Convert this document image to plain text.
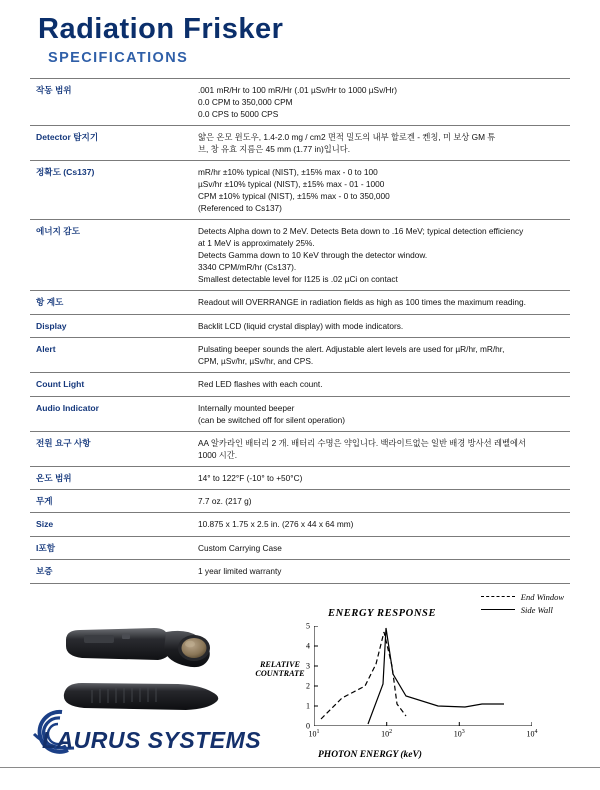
Radiation Frisker
SPECIFICATIONS
작동 범위	.001 mR/Hr to 100 mR/Hr (.01 µSv/Hr to 1000 µSv/Hr)
0.0 CPM to 350,000 CPM
0.0 CPS to 5000 CPS

Detector 탐지기	얇은 온모 윈도우, 1.4-2.0 mg / cm2 면적 밀도의 내부 할로겐 - 켄칭, 미 보상 GM 튜
브, 창 유효 지름은 45 mm (1.77 in)입니다.

정확도 (Cs137)	mR/hr ±10% typical (NIST), ±15% max - 0 to 100
µSv/hr ±10% typical (NIST), ±15% max - 01 - 1000
CPM ±10% typical (NIST), ±15% max - 0 to 350,000
(Referenced to Cs137)

에너지 감도	Detects Alpha down to 2 MeV. Detects Beta down to .16 MeV; typical detection efficiency
at 1 MeV is approximately 25%.
Detects Gamma down to 10 KeV through the detector window.
3340 CPM/mR/hr (Cs137).
Smallest detectable level for I125 is .02 µCi on contact

항 계도	Readout will OVERRANGE in radiation fields as high as 100 times the maximum reading.

Display	Backlit LCD (liquid crystal display) with mode indicators.

Alert	Pulsating beeper sounds the alert. Adjustable alert levels are used for µR/hr, mR/hr,
CPM, µSv/hr, µSv/hr, and CPS.

Count Light	Red LED flashes with each count.

Audio Indicator	Internally mounted beeper
(can be switched off for silent operation)

전원 요구 사항	AA 알카라인 배터리 2 개. 배터리 수명은 약입니다. 백라이트없는 일반 배경 방사선 레벨에서
1000 시간.

온도 범위	14° to 122°F (-10° to +50°C)

무게	7.7 oz. (217 g)

Size	10.875 x 1.75 x 2.5 in. (276 x 44 x 64 mm)

I포함	Custom Carrying Case

보증	1 year limited warranty
End Window
Side Wall
ENERGY RESPONSE
RELATIVE
COUNTRATE
PHOTON ENERGY (keV)
0
1
2
3
4
5
$10^1$	$10^2$	$10^3$	$10^4$
LAURUS SYSTEMS
